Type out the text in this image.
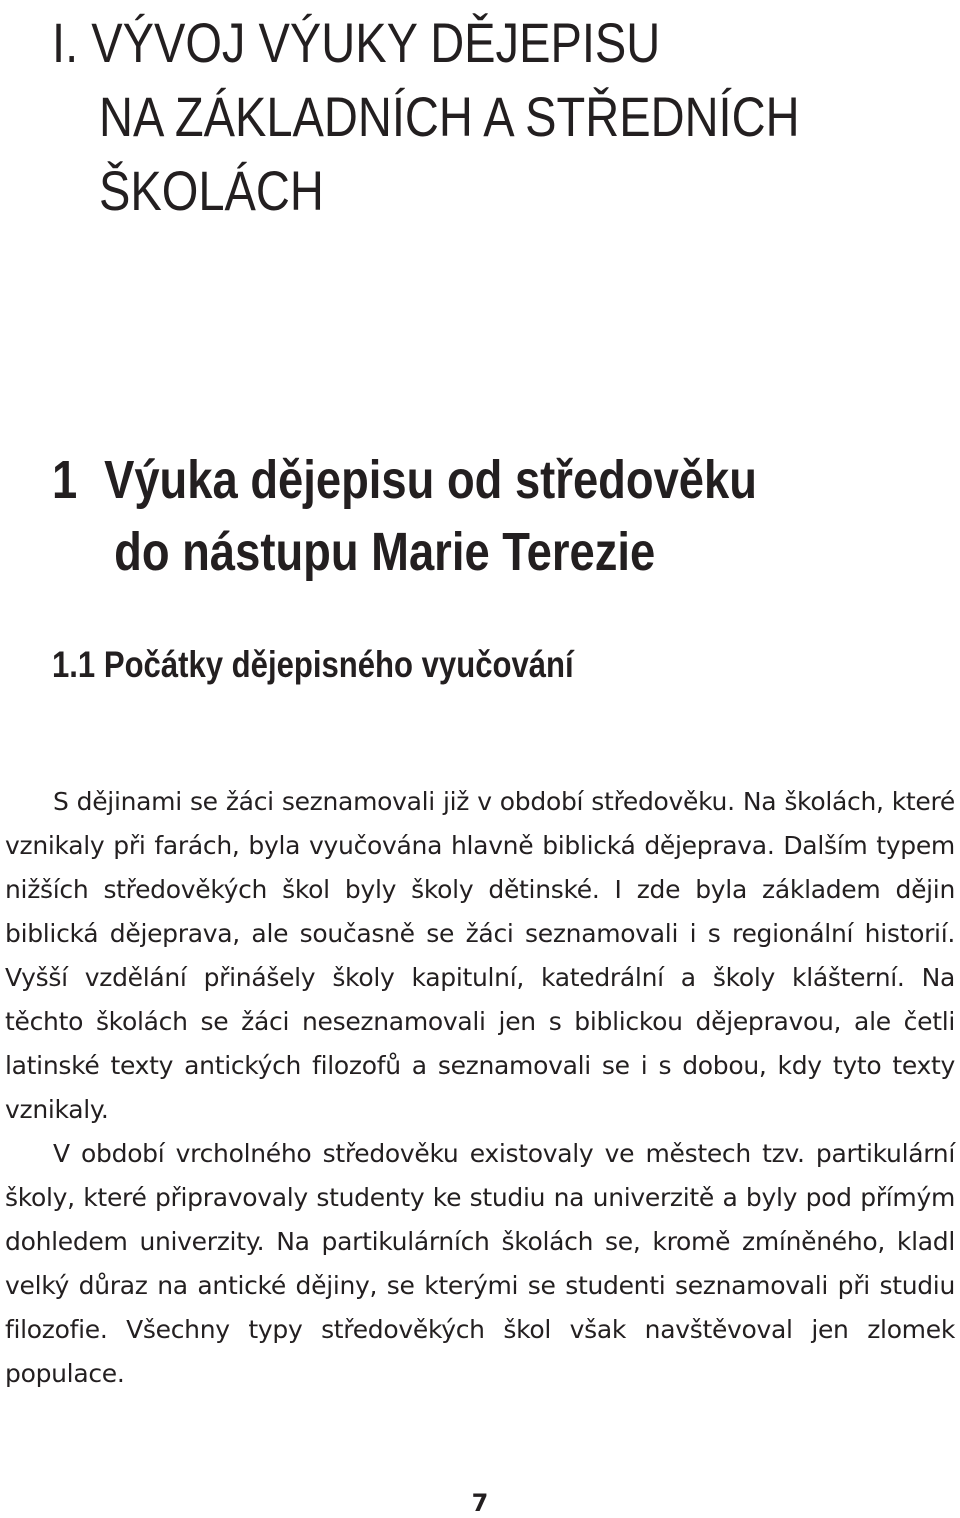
I. VÝVOJ VÝUKY DĚJEPISU
NA ZÁKLADNÍCH A STŘEDNÍCH
ŠKOLÁCH
1 Výuka dějepisu od středověku
do nástupu Marie Terezie
1.1 Počátky dějepisného vyučování

S dějinami se žáci seznamovali již v období středověku. Na školách, které vznikaly při farách, byla vyučována hlavně biblická dějeprava. Dalším typem nižších středověkých škol byly školy dětinské. I zde byla základem dějin biblická dějeprava, ale současně se žáci seznamovali i s regionální historií. Vyšší vzdělání přinášely školy kapitulní, katedrální a školy klášterní. Na těchto školách se žáci neseznamovali jen s biblickou dějepravou, ale četli latinské texty antických filozofů a seznamovali se i s dobou, kdy tyto texty vznikaly.

V období vrcholného středověku existovaly ve městech tzv. partikulární školy, které připravovaly studenty ke studiu na univerzitě a byly pod přímým dohledem univerzity. Na partikulárních školách se, kromě zmíněného, kladl velký důraz na antické dějiny, se kterými se studenti seznamovali při studiu filozofie. Všechny typy středověkých škol však navštěvoval jen zlomek populace.

7
